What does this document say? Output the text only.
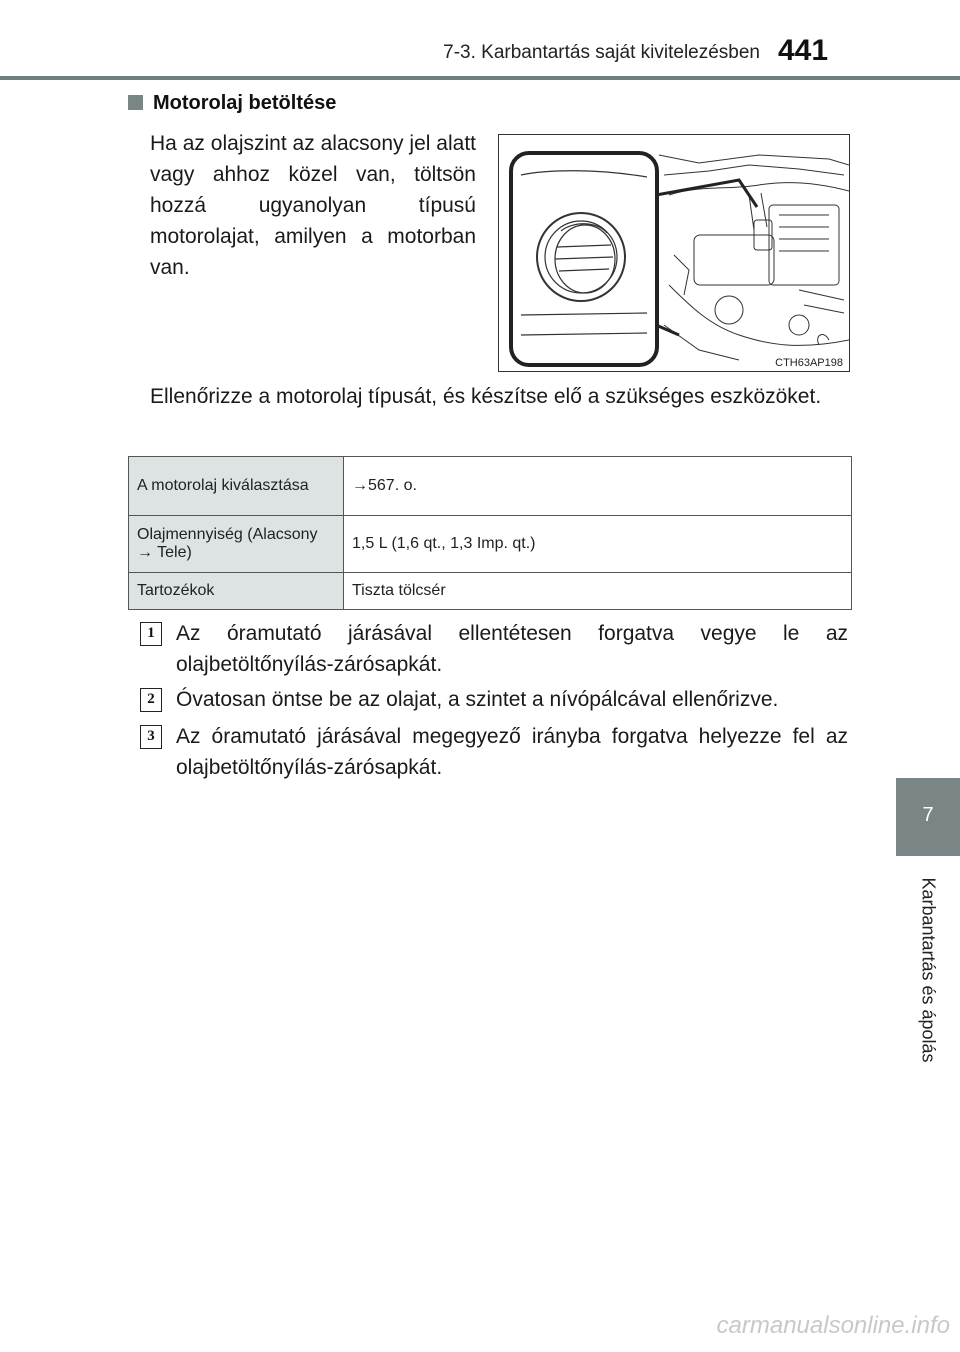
7-3. Karbantartás saját kivitelezésben 441
Motorolaj betöltése
Ha az olajszint az alacsony jel alatt vagy ahhoz közel van, töltsön hozzá ugyanolyan típusú motorolajat, amilyen a motorban van.
CTH63AP198
Ellenőrizze a motorolaj típusát, és készítse elő a szükséges eszközöket.
A motorolaj kiválasztása	→567. o.
Olajmennyiség (Alacsony → Tele)	1,5 L (1,6 qt., 1,3 Imp. qt.)
Tartozékok	Tiszta tölcsér
1	Az óramutató járásával ellentétesen forgatva vegye le az olajbetöltőnyílás-zárósapkát.
2	Óvatosan öntse be az olajat, a szintet a nívópálcával ellenőrizve.
3	Az óramutató járásával megegyező irányba forgatva helyezze fel az olajbetöltőnyílás-zárósapkát.
7
Karbantartás és ápolás
carmanualsonline.info
